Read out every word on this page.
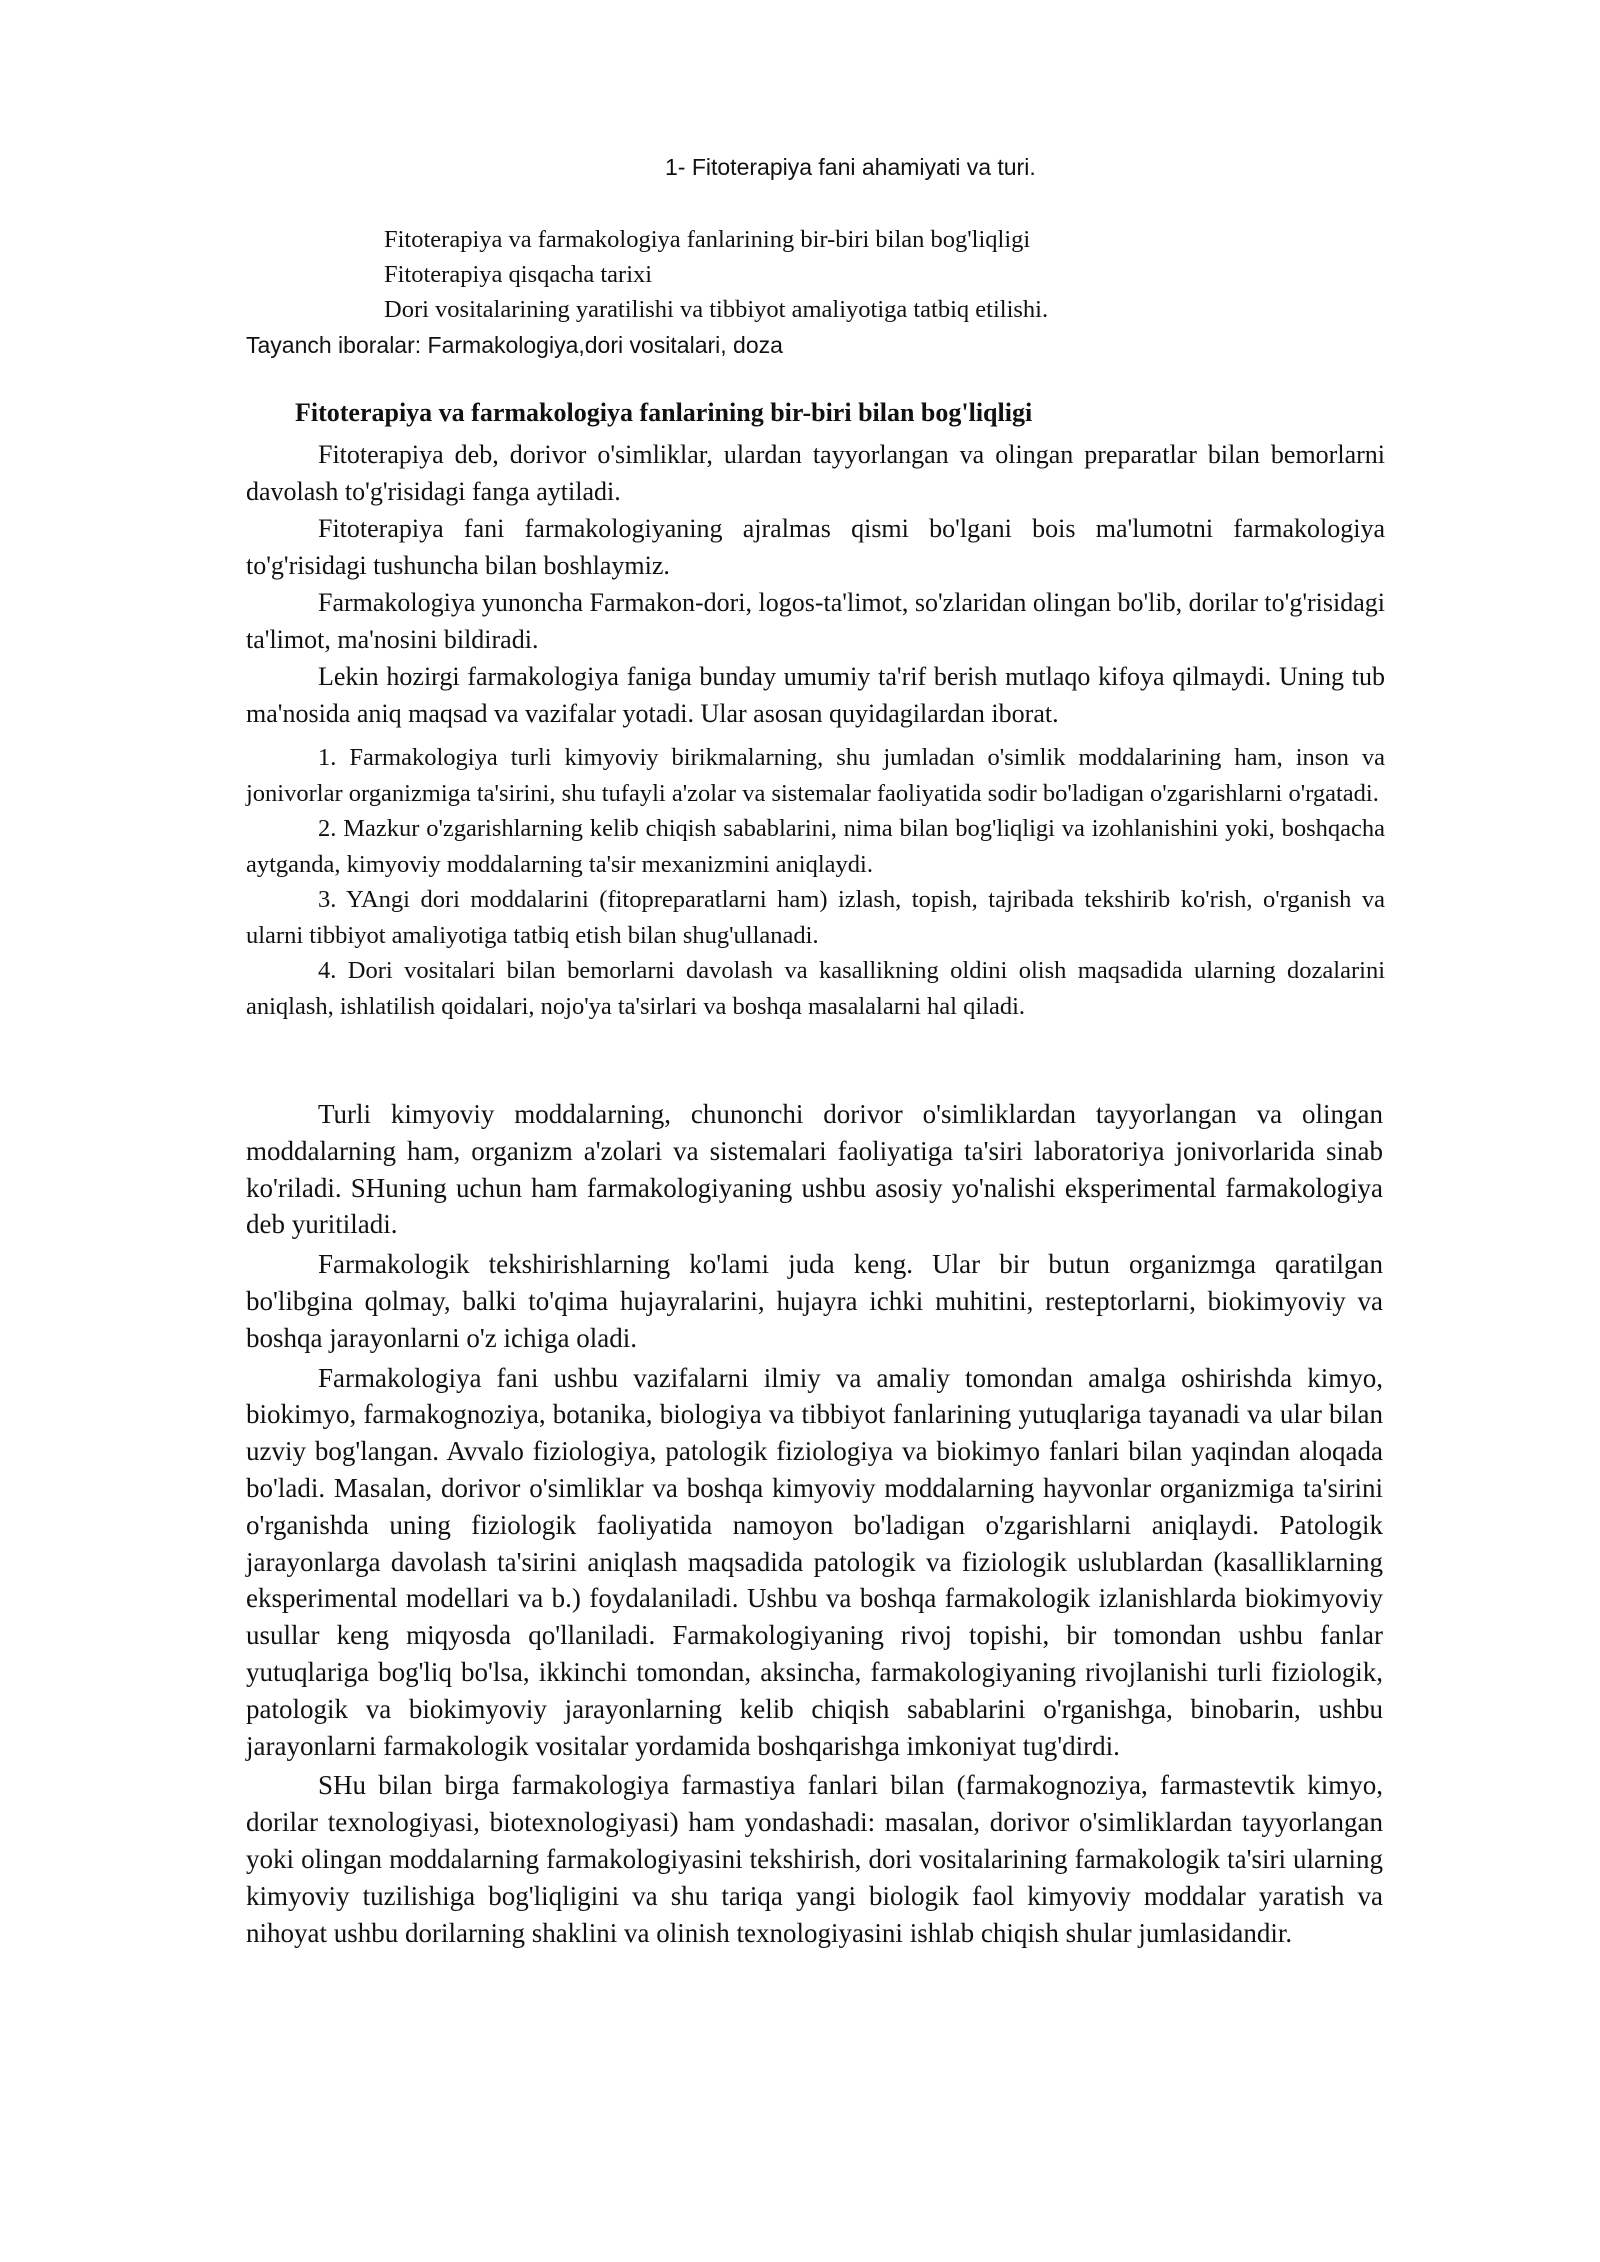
1- Fitoterapiya fani ahamiyati va turi.
Fitoterapiya va farmakologiya fanlarining bir-biri bilan bog'liqligi
Fitoterapiya qisqacha tarixi
Dori vositalarining yaratilishi va tibbiyot amaliyotiga tatbiq etilishi.
Tayanch iboralar: Farmakologiya,dori vositalari, doza
Fitoterapiya va farmakologiya fanlarining bir-biri bilan bog'liqligi

Fitoterapiya deb, dorivor o'simliklar, ulardan tayyorlangan va olingan preparatlar bilan bemorlarni davolash to'g'risidagi fanga aytiladi.

Fitoterapiya fani farmakologiyaning ajralmas qismi bo'lgani bois ma'lumotni farmakologiya to'g'risidagi tushuncha bilan boshlaymiz.

Farmakologiya yunoncha Farmakon-dori, logos-ta'limot, so'zlaridan olingan bo'lib, dorilar to'g'risidagi ta'limot, ma'nosini bildiradi.

Lekin hozirgi farmakologiya faniga bunday umumiy ta'rif berish mutlaqo kifoya qilmaydi. Uning tub ma'nosida aniq maqsad va vazifalar yotadi. Ular asosan quyidagilardan iborat.

1. Farmakologiya turli kimyoviy birikmalarning, shu jumladan o'simlik moddalarining ham, inson va jonivorlar organizmiga ta'sirini, shu tufayli a'zolar va sistemalar faoliyatida sodir bo'ladigan o'zgarishlarni o'rgatadi.

2. Mazkur o'zgarishlarning kelib chiqish sabablarini, nima bilan bog'liqligi va izohlanishini yoki, boshqacha aytganda, kimyoviy moddalarning ta'sir mexanizmini aniqlaydi.

3. YAngi dori moddalarini (fitopreparatlarni ham) izlash, topish, tajribada tekshirib ko'rish, o'rganish va ularni tibbiyot amaliyotiga tatbiq etish bilan shug'ullanadi.

4. Dori vositalari bilan bemorlarni davolash va kasallikning oldini olish maqsadida ularning dozalarini aniqlash, ishlatilish qoidalari, nojo'ya ta'sirlari va boshqa masalalarni hal qiladi.

Turli kimyoviy moddalarning, chunonchi dorivor o'simliklardan tayyorlangan va olingan moddalarning ham, organizm a'zolari va sistemalari faoliyatiga ta'siri laboratoriya jonivorlarida sinab ko'riladi. SHuning uchun ham farmakologiyaning ushbu asosiy yo'nalishi eksperimental farmakologiya deb yuritiladi.

Farmakologik tekshirishlarning ko'lami juda keng. Ular bir butun organizmga qaratilgan bo'libgina qolmay, balki to'qima hujayralarini, hujayra ichki muhitini, resteptorlarni, biokimyoviy va boshqa jarayonlarni o'z ichiga oladi.

Farmakologiya fani ushbu vazifalarni ilmiy va amaliy tomondan amalga oshirishda kimyo, biokimyo, farmakognoziya, botanika, biologiya va tibbiyot fanlarining yutuqlariga tayanadi va ular bilan uzviy bog'langan. Avvalo fiziologiya, patologik fiziologiya va biokimyo fanlari bilan yaqindan aloqada bo'ladi. Masalan, dorivor o'simliklar va boshqa kimyoviy moddalarning hayvonlar organizmiga ta'sirini o'rganishda uning fiziologik faoliyatida namoyon bo'ladigan o'zgarishlarni aniqlaydi. Patologik jarayonlarga davolash ta'sirini aniqlash maqsadida patologik va fiziologik uslublardan (kasalliklarning eksperimental modellari va b.) foydalaniladi. Ushbu va boshqa farmakologik izlanishlarda biokimyoviy usullar keng miqyosda qo'llaniladi. Farmakologiyaning rivoj topishi, bir tomondan ushbu fanlar yutuqlariga bog'liq bo'lsa, ikkinchi tomondan, aksincha, farmakologiyaning rivojlanishi turli fiziologik, patologik va biokimyoviy jarayonlarning kelib chiqish sabablarini o'rganishga, binobarin, ushbu jarayonlarni farmakologik vositalar yordamida boshqarishga imkoniyat tug'dirdi.

SHu bilan birga farmakologiya farmastiya fanlari bilan (farmakognoziya, farmastevtik kimyo, dorilar texnologiyasi, biotexnologiyasi) ham yondashadi: masalan, dorivor o'simliklardan tayyorlangan yoki olingan moddalarning farmakologiyasini tekshirish, dori vositalarining farmakologik ta'siri ularning kimyoviy tuzilishiga bog'liqligini va shu tariqa yangi biologik faol kimyoviy moddalar yaratish va nihoyat ushbu dorilarning shaklini va olinish texnologiyasini ishlab chiqish shular jumlasidandir.
